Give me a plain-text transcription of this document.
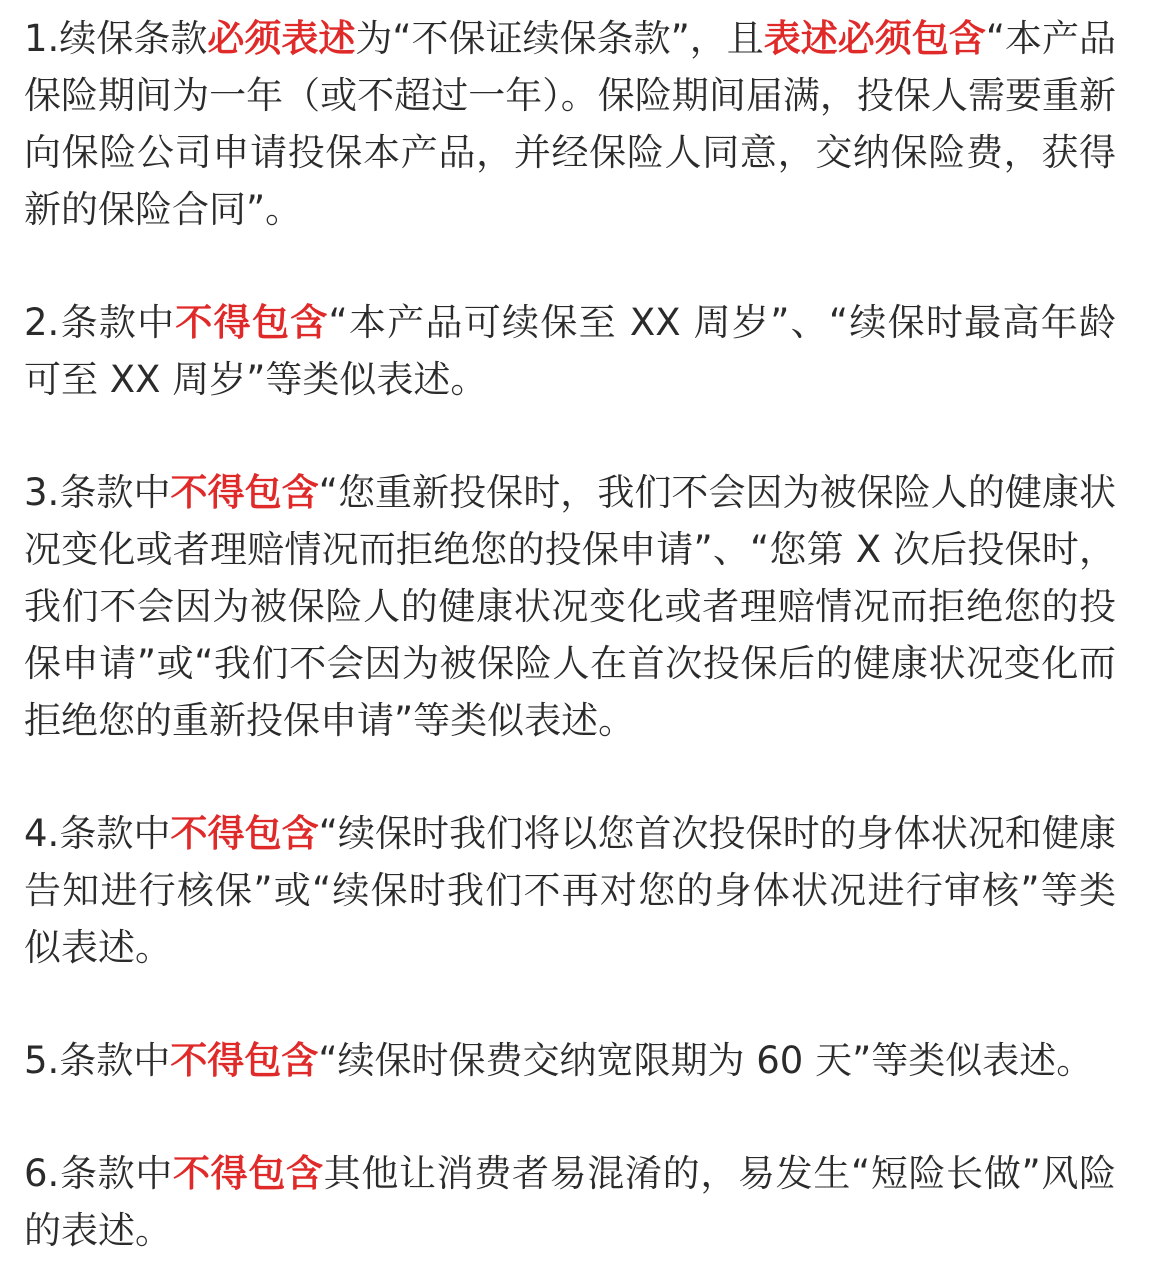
1.续保条款必须表述为“不保证续保条款”，且表述必须包含“本产品保险期间为一年（或不超过一年）。保险期间届满，投保人需要重新向保险公司申请投保本产品，并经保险人同意，交纳保险费，获得新的保险合同”。

2.条款中不得包含“本产品可续保至 XX 周岁”、“续保时最高年龄可至 XX 周岁”等类似表述。

3.条款中不得包含“您重新投保时，我们不会因为被保险人的健康状况变化或者理赔情况而拒绝您的投保申请”、“您第 X 次后投保时，我们不会因为被保险人的健康状况变化或者理赔情况而拒绝您的投保申请”或“我们不会因为被保险人在首次投保后的健康状况变化而拒绝您的重新投保申请”等类似表述。

4.条款中不得包含“续保时我们将以您首次投保时的身体状况和健康告知进行核保”或“续保时我们不再对您的身体状况进行审核”等类似表述。

5.条款中不得包含“续保时保费交纳宽限期为 60 天”等类似表述。

6.条款中不得包含其他让消费者易混淆的，易发生“短险长做”风险的表述。
